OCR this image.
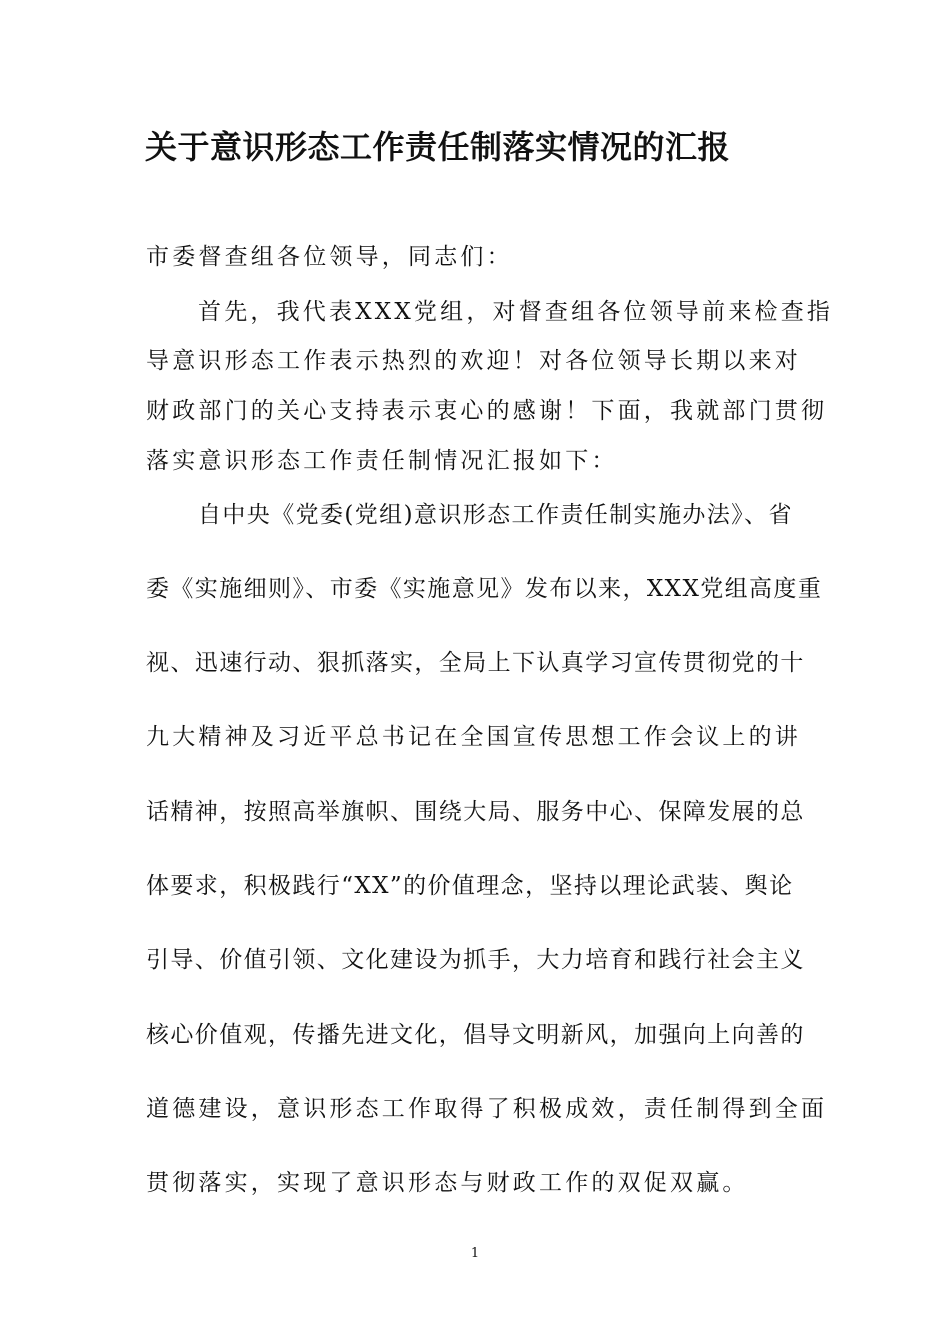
关于意识形态工作责任制落实情况的汇报
市委督查组各位领导，同志们：
首先，我代表XXX党组，对督查组各位领导前来检查指
导意识形态工作表示热烈的欢迎！对各位领导长期以来对
财政部门的关心支持表示衷心的感谢！下面，我就部门贯彻
落实意识形态工作责任制情况汇报如下：
自中央《党委(党组)意识形态工作责任制实施办法》、省
委《实施细则》、市委《实施意见》发布以来，XXX党组高度重
视、迅速行动、狠抓落实，全局上下认真学习宣传贯彻党的十
九大精神及习近平总书记在全国宣传思想工作会议上的讲
话精神，按照高举旗帜、围绕大局、服务中心、保障发展的总
体要求，积极践行“XX”的价值理念，坚持以理论武装、舆论
引导、价值引领、文化建设为抓手，大力培育和践行社会主义
核心价值观，传播先进文化，倡导文明新风，加强向上向善的
道德建设，意识形态工作取得了积极成效，责任制得到全面
贯彻落实，实现了意识形态与财政工作的双促双赢。
1
